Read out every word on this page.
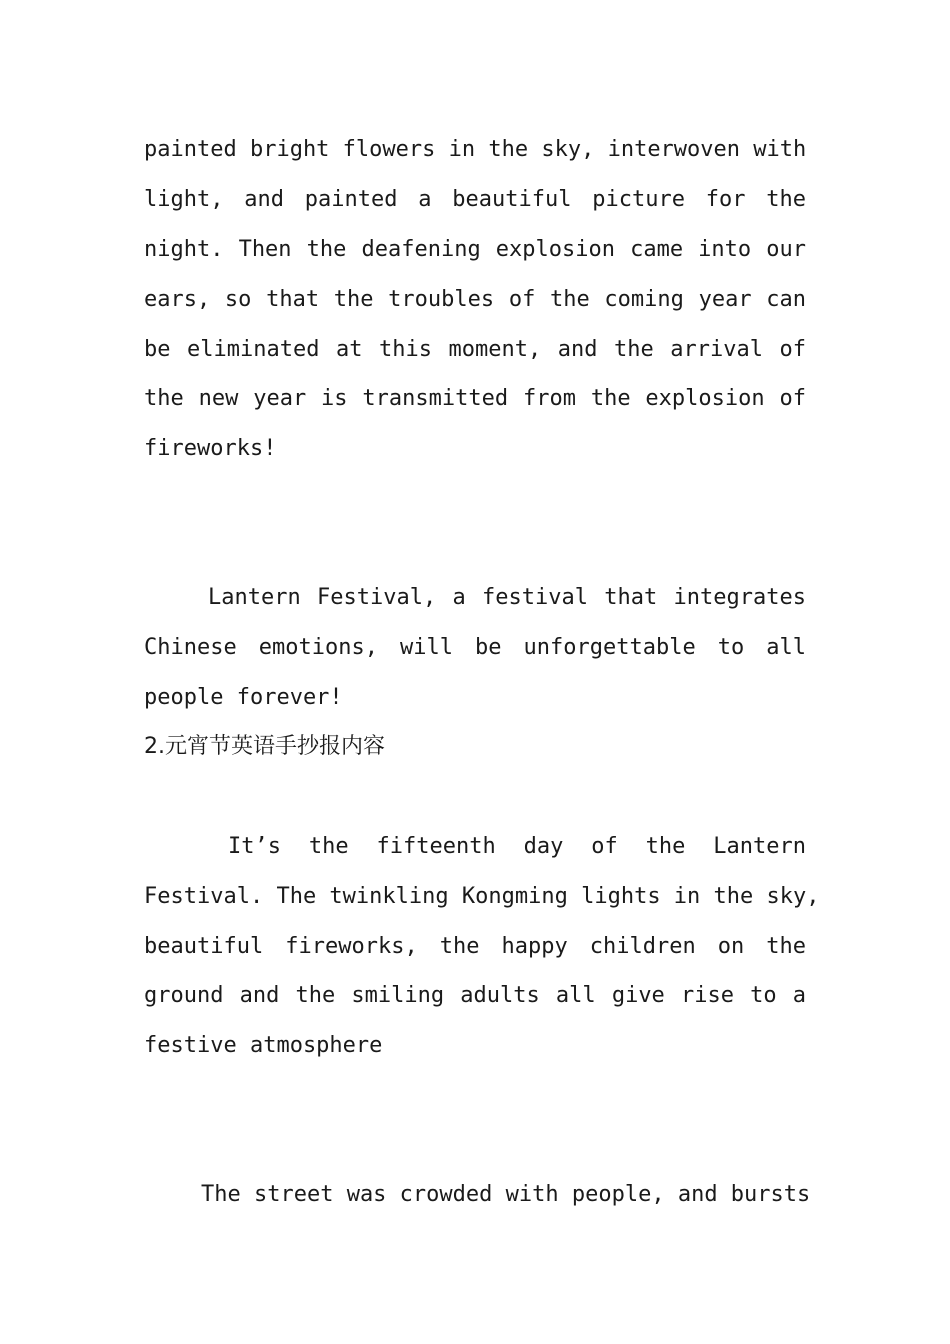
painted bright flowers in the sky, interwoven with
light, and painted a beautiful picture for the
night. Then the deafening explosion came into our
ears, so that the troubles of the coming year can
be eliminated at this moment, and the arrival of
the new year is transmitted from the explosion of
fireworks!
Lantern Festival, a festival that integrates
Chinese emotions, will be unforgettable to all
people forever!
2.元宵节英语手抄报内容
It’s the fifteenth day of the Lantern
Festival. The twinkling Kongming lights in the sky,
beautiful fireworks, the happy children on the
ground and the smiling adults all give rise to a
festive atmosphere
The street was crowded with people, and bursts
